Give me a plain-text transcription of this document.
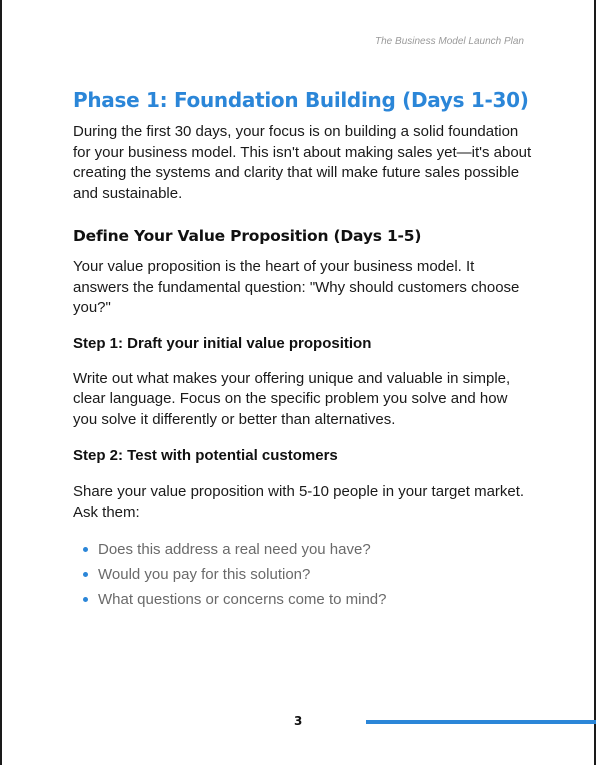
The Business Model Launch Plan
Phase 1: Foundation Building (Days 1-30)

During the first 30 days, your focus is on building a solid foundation for your business model. This isn't about making sales yet—it's about creating the systems and clarity that will make future sales possible and sustainable.

Define Your Value Proposition (Days 1-5)

Your value proposition is the heart of your business model. It answers the fundamental question: "Why should customers choose you?"

Step 1: Draft your initial value proposition

Write out what makes your offering unique and valuable in simple, clear language. Focus on the specific problem you solve and how you solve it differently or better than alternatives.

Step 2: Test with potential customers

Share your value proposition with 5-10 people in your target market. Ask them:

Does this address a real need you have?
Would you pay for this solution?
What questions or concerns come to mind?
3
